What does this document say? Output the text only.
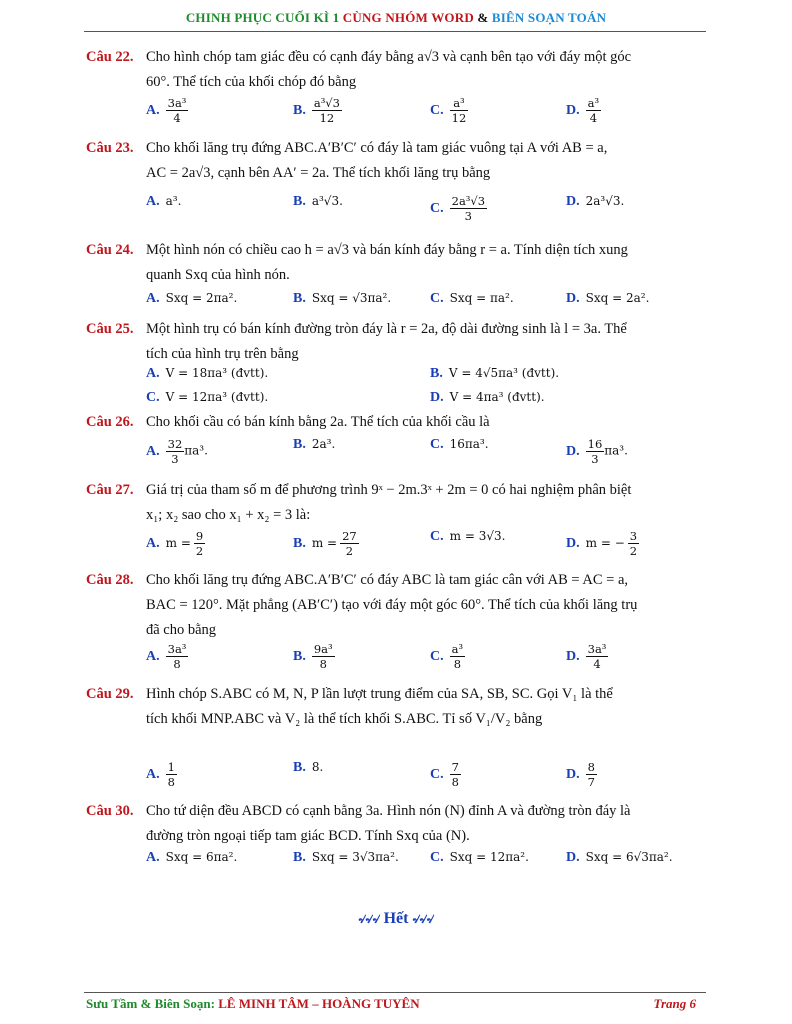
CHINH PHỤC CUỐI KÌ 1 CÙNG NHÓM WORD & BIÊN SOẠN TOÁN
Câu 22. Cho hình chóp tam giác đều có cạnh đáy bằng a√3 và cạnh bên tạo với đáy một góc
60°. Thể tích của khối chóp đó bằng
A. $\frac{\text{3a³}}{4}$	B. $\frac{\text{a³√3}}{12}$	C. $\frac{\text{a³}}{12}$	D. $\frac{\text{a³}}{4}$
Câu 23. Cho khối lăng trụ đứng ABC.A′B′C′ có đáy là tam giác vuông tại A với AB = a,
AC = 2a√3, cạnh bên AA′ = 2a. Thể tích khối lăng trụ bằng
A. a³.	B. a³√3.	C. $\frac{\text{2a³√3}}{3}$	D. 2a³√3.
Câu 24. Một hình nón có chiều cao h = a√3 và bán kính đáy bằng r = a. Tính diện tích xung
quanh Sxq của hình nón.
A. Sxq = 2πa².	B. Sxq = √3πa².	C. Sxq = πa².	D. Sxq = 2a².
Câu 25. Một hình trụ có bán kính đường tròn đáy là r = 2a, độ dài đường sinh là l = 3a. Thể
tích của hình trụ trên bằng
A. V = 18πa³ (đvtt).	B. V = 4√5πa³ (đvtt).
C. V = 12πa³ (đvtt).	D. V = 4πa³ (đvtt).
Câu 26. Cho khối cầu có bán kính bằng 2a. Thể tích của khối cầu là
A. $\frac{32}{3} \pi a^3$.	B. 2a³.	C. 16πa³.	D. $\frac{16}{3} \pi a^3$.
Câu 27. Giá trị của tham số m để phương trình 9ˣ − 2m.3ˣ + 2m = 0 có hai nghiệm phân biệt
x₁; x₂ sao cho x₁ + x₂ = 3 là:
A. $m = \frac{9}{2}$	B. $m = \frac{27}{2}$	C. m = 3√3.	D. m = − $\frac{3}{2}$
Câu 28. Cho khối lăng trụ đứng ABC.A′B′C′ có đáy ABC là tam giác cân với AB = AC = a,
BAC = 120°. Mặt phẳng (AB′C′) tạo với đáy một góc 60°. Thể tích của khối lăng trụ
đã cho bằng
A. $\frac{\text{3a³}}{8}$	B. $\frac{\text{9a³}}{8}$	C. $\frac{\text{a³}}{8}$	D. $\frac{\text{3a³}}{4}$
Câu 29. Hình chóp S.ABC có M, N, P lần lượt trung điểm của SA, SB, SC. Gọi V₁ là thể
tích khối MNP.ABC và V₂ là thể tích khối S.ABC. Tỉ số V₁/V₂ bằng
A. $\frac{1}{8}$	B. 8.	C. $\frac{7}{8}$	D. $\frac{8}{7}$
Câu 30. Cho tứ diện đều ABCD có cạnh bằng 3a. Hình nón (N) đỉnh A và đường tròn đáy là
đường tròn ngoại tiếp tam giác BCD. Tính Sxq của (N).
A. Sxq = 6πa².	B. Sxq = 3√3πa². C. Sxq = 12πa².	D. Sxq = 6√3πa².
৵৵৵ Hết ৵৵৵
Sưu Tầm & Biên Soạn: LÊ MINH TÂM – HOÀNG TUYÊN	Trang 6
